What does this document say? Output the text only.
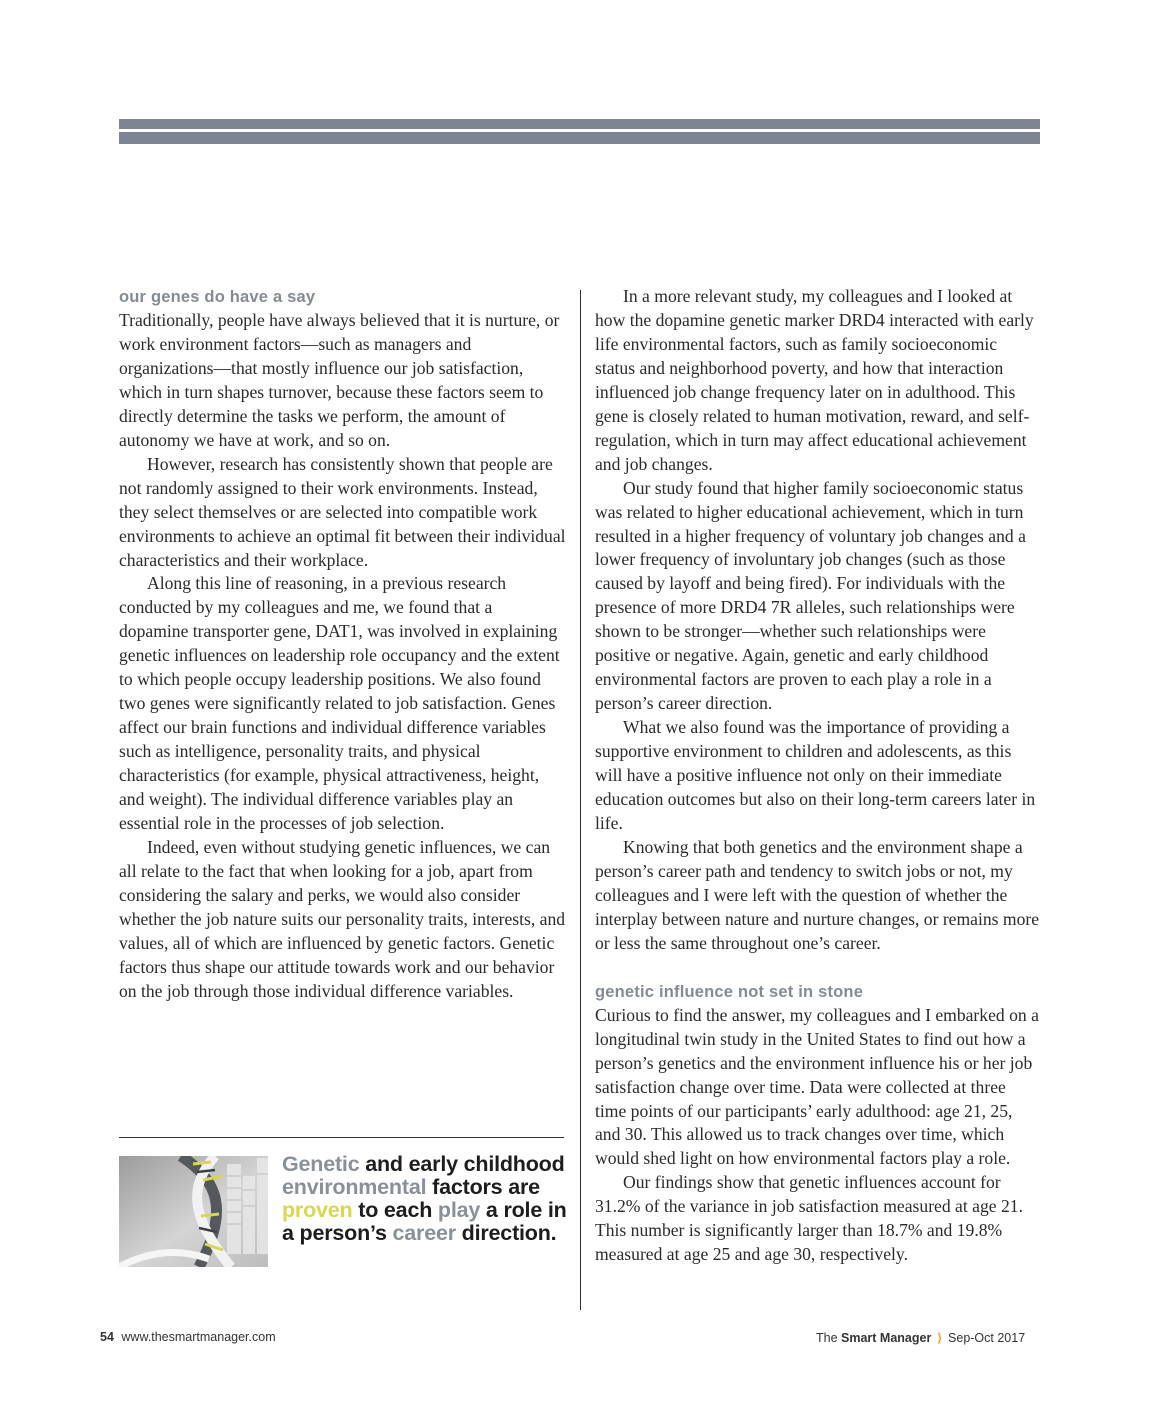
our genes do have a say

Traditionally, people have always believed that it is nurture, or work environment factors—such as managers and organizations—that mostly influence our job satisfaction, which in turn shapes turnover, because these factors seem to directly determine the tasks we perform, the amount of autonomy we have at work, and so on.

However, research has consistently shown that people are not randomly assigned to their work environments. Instead, they select themselves or are selected into compatible work environments to achieve an optimal fit between their individual characteristics and their workplace.

Along this line of reasoning, in a previous research conducted by my colleagues and me, we found that a dopamine transporter gene, DAT1, was involved in explaining genetic influences on leadership role occupancy and the extent to which people occupy leadership positions. We also found two genes were significantly related to job satisfaction. Genes affect our brain functions and individual difference variables such as intelligence, personality traits, and physical characteristics (for example, physical attractiveness, height, and weight). The individual difference variables play an essential role in the processes of job selection.

Indeed, even without studying genetic influences, we can all relate to the fact that when looking for a job, apart from considering the salary and perks, we would also consider whether the job nature suits our personality traits, interests, and values, all of which are influenced by genetic factors. Genetic factors thus shape our attitude towards work and our behavior on the job through those individual difference variables.

In a more relevant study, my colleagues and I looked at how the dopamine genetic marker DRD4 interacted with early life environmental factors, such as family socioeconomic status and neighborhood poverty, and how that interaction influenced job change frequency later on in adulthood. This gene is closely related to human motivation, reward, and self-regulation, which in turn may affect educational achievement and job changes.

Our study found that higher family socioeconomic status was related to higher educational achievement, which in turn resulted in a higher frequency of voluntary job changes and a lower frequency of involuntary job changes (such as those caused by layoff and being fired). For individuals with the presence of more DRD4 7R alleles, such relationships were shown to be stronger—whether such relationships were positive or negative. Again, genetic and early childhood environmental factors are proven to each play a role in a person’s career direction.

What we also found was the importance of providing a supportive environment to children and adolescents, as this will have a positive influence not only on their immediate education outcomes but also on their long-term careers later in life.

Knowing that both genetics and the environment shape a person’s career path and tendency to switch jobs or not, my colleagues and I were left with the question of whether the interplay between nature and nurture changes, or remains more or less the same throughout one’s career.

genetic influence not set in stone

Curious to find the answer, my colleagues and I embarked on a longitudinal twin study in the United States to find out how a person’s genetics and the environment influence his or her job satisfaction change over time. Data were collected at three time points of our participants’ early adulthood: age 21, 25, and 30. This allowed us to track changes over time, which would shed light on how environmental factors play a role.

Our findings show that genetic influences account for 31.2% of the variance in job satisfaction measured at age 21. This number is significantly larger than 18.7% and 19.8% measured at age 25 and age 30, respectively.

Genetic and early childhood environmental factors are proven to each play a role in a person’s career direction.
54 www.thesmartmanager.com	The Smart Manager ⟩ Sep-Oct 2017
